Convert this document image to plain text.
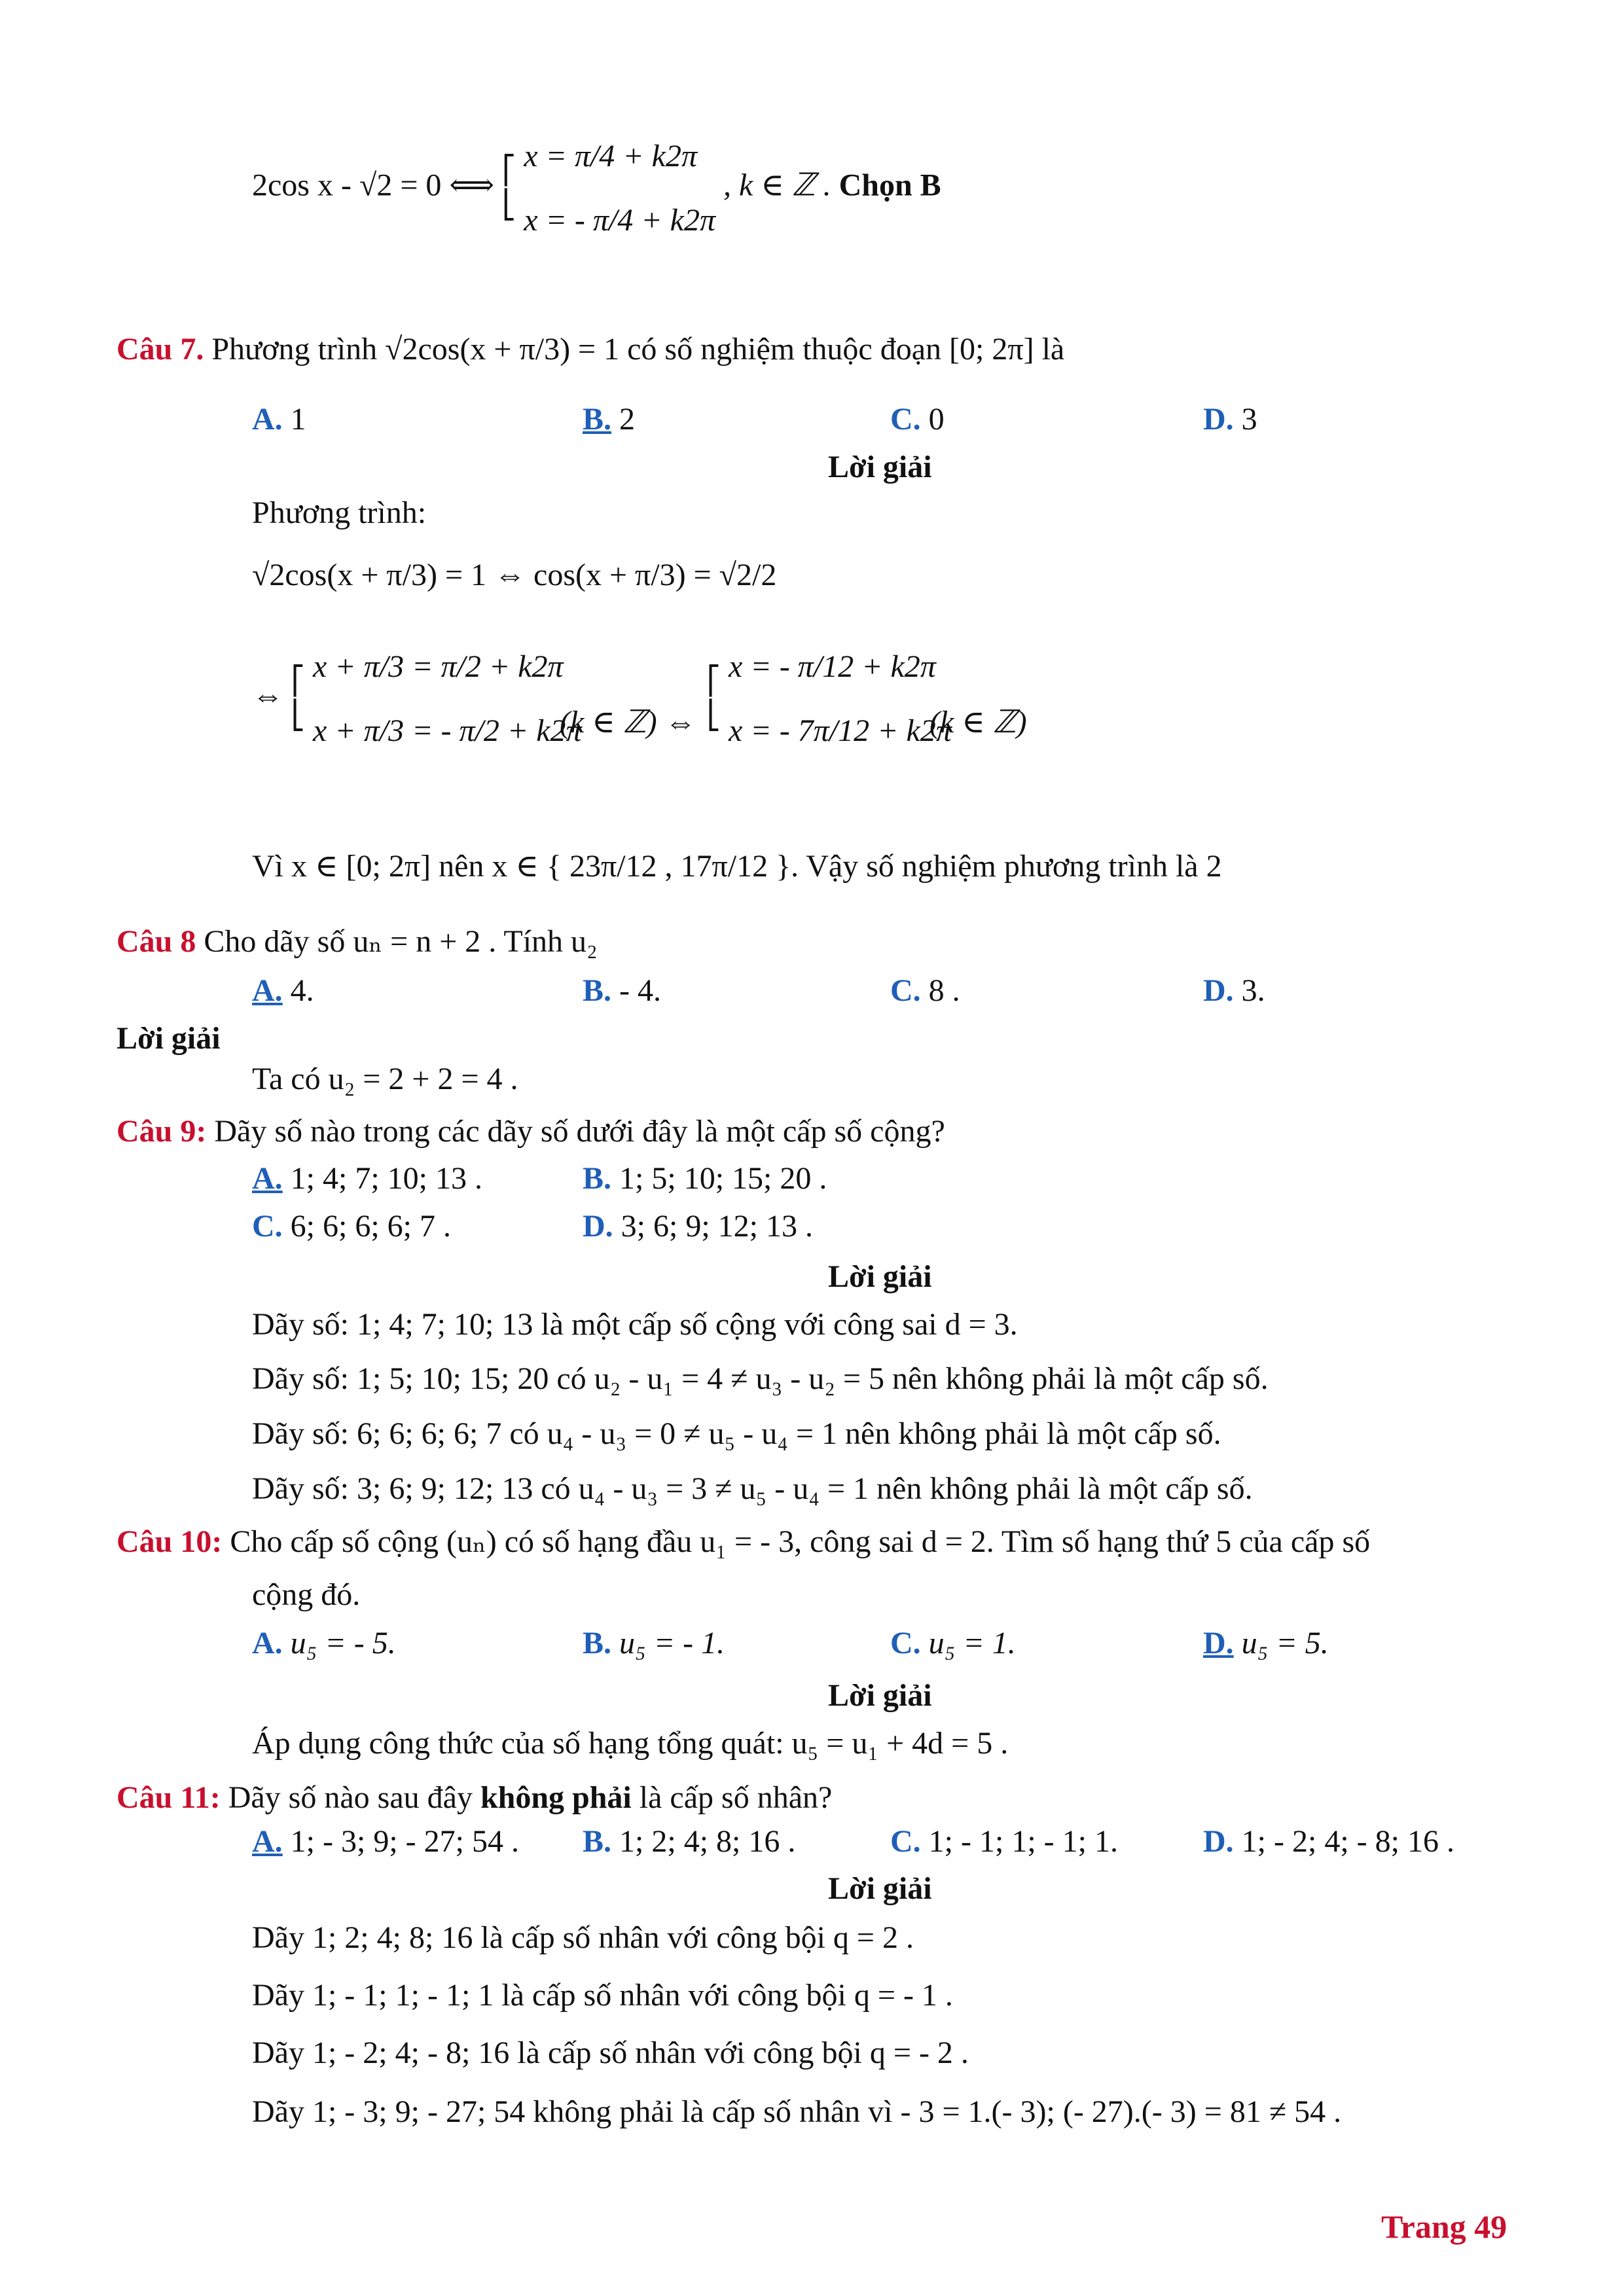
2cos x - √2 = 0 ⟺ ⎡
⎣
x = π/4 + k2π
x = - π/4 + k2π
, k ∈ ℤ . Chọn B
Câu 7. Phương trình √2cos(x + π/3) = 1 có số nghiệm thuộc đoạn [0; 2π] là
A. 1	B. 2	C. 0	D. 3
Lời giải
Phương trình:
√2cos(x + π/3) = 1 ⇔ cos(x + π/3) = √2/2
⇔ ⎡
⎣
x + π/3 = π/2 + k2π
x + π/3 = - π/2 + k2π
(k ∈ ℤ) ⇔
⎡
⎣
x = - π/12 + k2π
x = - 7π/12 + k2π
(k ∈ ℤ)
Vì x ∈ [0; 2π] nên x ∈ { 23π/12 , 17π/12 }. Vậy số nghiệm phương trình là 2
Câu 8 Cho dãy số uₙ = n + 2 . Tính u₂
A. 4.	B. - 4.	C. 8 .	D. 3.
Lời giải
Ta có u₂ = 2 + 2 = 4 .
Câu 9: Dãy số nào trong các dãy số dưới đây là một cấp số cộng?
A. 1; 4; 7; 10; 13 .	B. 1; 5; 10; 15; 20 .
C. 6; 6; 6; 6; 7 .	D. 3; 6; 9; 12; 13 .
Lời giải
Dãy số: 1; 4; 7; 10; 13 là một cấp số cộng với công sai d = 3.
Dãy số: 1; 5; 10; 15; 20 có u₂ - u₁ = 4 ≠ u₃ - u₂ = 5 nên không phải là một cấp số.
Dãy số: 6; 6; 6; 6; 7 có u₄ - u₃ = 0 ≠ u₅ - u₄ = 1 nên không phải là một cấp số.
Dãy số: 3; 6; 9; 12; 13 có u₄ - u₃ = 3 ≠ u₅ - u₄ = 1 nên không phải là một cấp số.
Câu 10: Cho cấp số cộng (uₙ) có số hạng đầu u₁ = - 3, công sai d = 2. Tìm số hạng thứ 5 của cấp số
cộng đó.
A. u₅ = - 5.	B. u₅ = - 1.	C. u₅ = 1.	D. u₅ = 5.
Lời giải
Áp dụng công thức của số hạng tổng quát: u₅ = u₁ + 4d = 5 .
Câu 11: Dãy số nào sau đây không phải là cấp số nhân?
A. 1; - 3; 9; - 27; 54 . B. 1; 2; 4; 8; 16 .	C. 1; - 1; 1; - 1; 1.	D. 1; - 2; 4; - 8; 16 .
Lời giải
Dãy 1; 2; 4; 8; 16 là cấp số nhân với công bội q = 2 .
Dãy 1; - 1; 1; - 1; 1 là cấp số nhân với công bội q = - 1 .
Dãy 1; - 2; 4; - 8; 16 là cấp số nhân với công bội q = - 2 .
Dãy 1; - 3; 9; - 27; 54 không phải là cấp số nhân vì - 3 = 1.(- 3); (- 27).(- 3) = 81 ≠ 54 .
Trang 49
